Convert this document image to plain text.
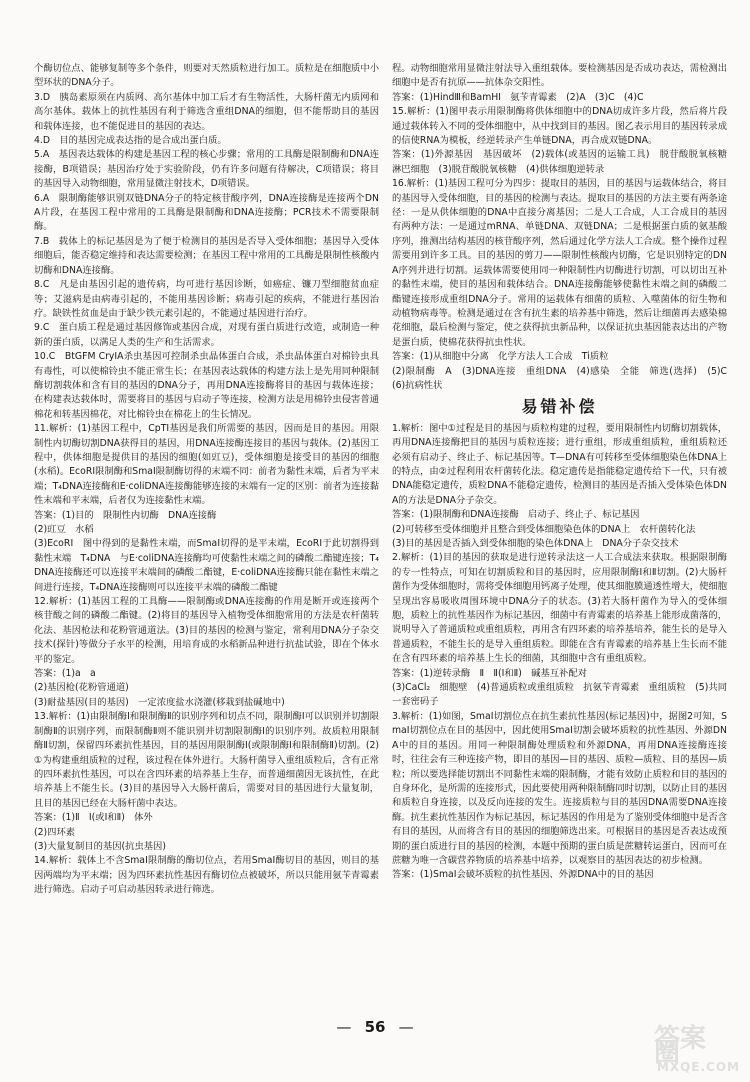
个酶切位点、能够复制等多个条件，则要对天然质粒进行加工。质粒是在细胞质中小型环状的DNA分子。

3.D　胰岛素原须在内质网、高尔基体中加工后才有生物活性，大肠杆菌无内质网和高尔基体。载体上的抗性基因有利于筛选含重组DNA的细胞，但不能帮助目的基因和载体连接，也不能促进目的基因的表达。

4.D　目的基因完成表达指的是合成出蛋白质。

5.A　基因表达载体的构建是基因工程的核心步骤；常用的工具酶是限制酶和DNA连接酶，B项错误；基因治疗处于实验阶段，仍有许多问题有待解决，C项错误；将目的基因导入动物细胞，常用显微注射技术，D项错误。

6.A　限制酶能够识别双链DNA分子的特定核苷酸序列，DNA连接酶是连接两个DNA片段，在基因工程中常用的工具酶是限制酶和DNA连接酶；PCR技术不需要限制酶。

7.B　载体上的标记基因是为了便于检测目的基因是否导入受体细胞；基因导入受体细胞后，能否稳定维持和表达需要检测；在基因工程中常用的工具酶是限制性核酸内切酶和DNA连接酶。

8.C　凡是由基因引起的遗传病，均可进行基因诊断，如癌症、镰刀型细胞贫血症等；艾滋病是由病毒引起的，不能用基因诊断；病毒引起的疾病，不能进行基因治疗。缺铁性贫血是由于缺少铁元素引起的，不能通过基因进行治疗。

9.C　蛋白质工程是通过基因修饰或基因合成，对现有蛋白质进行改造，或制造一种新的蛋白质，以满足人类的生产和生活需求。

10.C　BtGFM CryIA杀虫基因可控制杀虫晶体蛋白合成，杀虫晶体蛋白对棉铃虫具有毒性，可以使棉铃虫不能正常生长；在基因表达载体的构建方法上是先用同种限制酶切割载体和含有目的基因的DNA分子，再用DNA连接酶将目的基因与载体连接；在构建表达载体时，需要将目的基因与启动子等连接，检测方法是用棉铃虫侵害普通棉花和转基因棉花，对比棉铃虫在棉花上的生长情况。

11.解析：(1)基因工程中，CpTI基因是我们所需要的基因，因而是目的基因。用限制性内切酶切割DNA获得目的基因，用DNA连接酶连接目的基因与载体。(2)基因工程中，供体细胞是提供目的基因的细胞(如豇豆)，受体细胞是接受目的基因的细胞(水稻)。EcoRⅠ限制酶和SmaⅠ限制酶切得的末端不同：前者为黏性末端，后者为平末端；T₄DNA连接酶和E·coliDNA连接酶能够连接的末端有一定的区别：前者为连接黏性末端和平末端，后者仅为连接黏性末端。

答案：(1)目的　限制性内切酶　DNA连接酶

(2)豇豆　水稻

(3)EcoRⅠ　图中得到的是黏性末端，而SmaⅠ切得的是平末端，EcoRⅠ于此切割得到黏性末端　T₄DNA　与E·coliDNA连接酶均可使黏性末端之间的磷酸二酯键连接；T₄DNA连接酶还可以连接平末端间的磷酸二酯键，E·coliDNA连接酶只能在黏性末端之间进行连接，T₄DNA连接酶则可以连接平末端的磷酸二酯键

12.解析：(1)基因工程的工具酶——限制酶或DNA连接酶的作用是断开或连接两个核苷酸之间的磷酸二酯键。(2)将目的基因导入植物受体细胞常用的方法是农杆菌转化法、基因枪法和花粉管通道法。(3)目的基因的检测与鉴定，常利用DNA分子杂交技术(探针)等做分子水平的检测，用培育成的水稻新品种进行抗盐试验，即在个体水平的鉴定。

答案：(1)a　a

(2)基因枪(花粉管通道)

(3)耐盐基因(目的基因)　一定浓度盐水浇灌(移栽到盐碱地中)

13.解析：(1)由限制酶Ⅰ和限制酶Ⅱ的识别序列和切点不同，限制酶Ⅰ可以识别并切割限制酶Ⅱ的识别序列，而限制酶Ⅱ则不能识别并切割限制酶Ⅰ的识别序列。故质粒用限制酶Ⅱ切割，保留四环素抗性基因，目的基因用限制酶Ⅰ(或限制酶Ⅰ和限制酶Ⅱ)切割。(2)①为构建重组质粒的过程，该过程在体外进行。大肠杆菌导入重组质粒后，含有正常的四环素抗性基因，可以在含四环素的培养基上生存，而普通细菌因无该抗性，在此培养基上不能生长。(3)目的基因导入大肠杆菌后，需要对目的基因进行大量复制，且目的基因已经在大肠杆菌中表达。

答案：(1)Ⅱ　Ⅰ(或Ⅰ和Ⅱ)　体外

(2)四环素

(3)大量复制目的基因(抗虫基因)

14.解析：载体上不含SmaⅠ限制酶的酶切位点，若用SmaⅠ酶切目的基因，则目的基因两端均为平末端；因为四环素抗性基因有酶切位点被破坏，所以只能用氨苄青霉素进行筛选。启动子可启动基因转录进行筛选。

程。动物细胞常用显微注射法导入重组载体。要检测基因是否成功表达，需检测出细胞中是否有抗原——抗体杂交阳性。

答案：(1)HindⅢ和BamHⅠ　氨苄青霉素　(2)A　(3)C　(4)C

15.解析：(1)图甲表示用限制酶将供体细胞中的DNA切成许多片段，然后将片段通过载体转入不同的受体细胞中，从中找到目的基因。图乙表示用目的基因转录成的信使RNA为模板，经逆转录产生单链DNA，再合成双链DNA。

答案：(1)外源基因　基因破坏　(2)载体(或基因的运输工具)　脱苷酸脱氧核糖　淋巴细胞　(3)脱苷酸脱氧核糖　(4)供体细胞逆转录

16.解析：(1)基因工程可分为四步：提取目的基因，目的基因与运载体结合，将目的基因导入受体细胞，目的基因的检测与表达。提取目的基因的方法主要有两条途径：一是从供体细胞的DNA中直接分离基因；二是人工合成，人工合成目的基因有两种方法：一是通过mRNA、单链DNA、双链DNA；二是根据蛋白质的氨基酸序列，推测出结构基因的核苷酸序列，然后通过化学方法人工合成。整个操作过程需要用到许多工具。目的基因的剪刀——限制性核酸内切酶，它是识别特定的DNA序列并进行切割。运载体需要使用同一种限制性内切酶进行切割，可以切出互补的黏性末端，使目的基因和载体结合。DNA连接酶能够使黏性末端之间的磷酸二酯键连接形成重组DNA分子。常用的运载体有细菌的质粒、入噬菌体的衍生物和动植物病毒等。检测是通过在含有抗生素的培养基中筛选，然后让细菌再去感染棉花细胞，最后检测与鉴定，使之获得抗虫新品种，以保证抗虫基因能表达出的产物是蛋白质，使棉花获得抗虫性状。

答案：(1)从细胞中分离　化学方法人工合成　Ti质粒

(2)限制酶　A　(3)DNA连接　重组DNA　(4)感染　全能　筛选(选择)　(5)C　(6)抗病性状

易错补偿

1.解析：图中①过程是目的基因与质粒构建的过程，要用限制性内切酶切割载体，再用DNA连接酶把目的基因与质粒连接；进行重组，形成重组质粒，重组质粒还必须有启动子、终止子、标记基因等。T—DNA有可转移至受体细胞染色体DNA上的特点，由②过程利用农杆菌转化法。稳定遗传是指能稳定遗传给下一代，只有被DNA能稳定遗传，质粒DNA不能稳定遗传，检测目的基因是否插入受体染色体DNA的方法是DNA分子杂交。

答案：(1)限制酶和DNA连接酶　启动子、终止子、标记基因

(2)可转移至受体细胞并且整合到受体细胞染色体的DNA上　农杆菌转化法

(3)目的基因是否插入到受体细胞的染色体DNA上　DNA分子杂交技术

2.解析：(1)目的基因的获取是进行逆转录法这一人工合成法来获取。根据限制酶的专一性特点，可知在切割质粒和目的基因时，应用限制酶Ⅰ和Ⅱ切割。(2)大肠杆菌作为受体细胞时，需将受体细胞用钙离子处理，使其细胞膜通透性增大，使细胞呈现出容易吸收周围环境中DNA分子的状态。(3)若大肠杆菌作为导入的受体细胞，质粒上的抗性基因作为标记基因，细菌中有青霉素的培养基上能形成菌落的，说明导入了普通质粒或重组质粒，再用含有四环素的培养基培养，能生长的是导入普通质粒，不能生长的是导入重组质粒。即能在含有青霉素的培养基上生长而不能在含有四环素的培养基上生长的细菌，其细胞中含有重组质粒。

答案：(1)逆转录酶　Ⅱ　Ⅱ(Ⅰ和Ⅱ)　碱基互补配对

(3)CaCl₂　细胞壁　(4)普通质粒或重组质粒　抗氨苄青霉素　重组质粒　(5)共同一套密码子

3.解析：(1)如图，SmaⅠ切割位点在抗生素抗性基因(标记基因)中，据图2可知，SmaⅠ切割位点在目的基因中，因此使用SmaⅠ切割会破坏质粒的抗性基因、外源DNA中的目的基因。用同一种限制酶处理质粒和外源DNA，再用DNA连接酶连接时，往往会有三种连接产物，即目的基因—目的基因、质粒—质粒、目的基因—质粒；所以要选择能切割出不同黏性末端的限制酶，才能有效防止质粒和目的基因的自身环化，是所需的连接形式，因此要使用两种限制酶同时切割，以防止目的基因和质粒自身连接，以及反向连接的发生。连接质粒与目的基因DNA需要DNA连接酶。抗生素抗性基因作为标记基因，标记基因的作用是为了鉴别受体细胞中是否含有目的基因，从而将含有目的基因的细胞筛选出来。可根据目的基因是否表达成预期的蛋白质进行目的基因的检测，本题中预期的蛋白质是蔗糖转运蛋白，因而可在蔗糖为唯一含碳营养物质的培养基中培养，以观察目的基因表达的初步检测。

答案：(1)SmaⅠ会破坏质粒的抗性基因、外源DNA中的目的基因

— 56 —	答案圈
MXQE.COM
